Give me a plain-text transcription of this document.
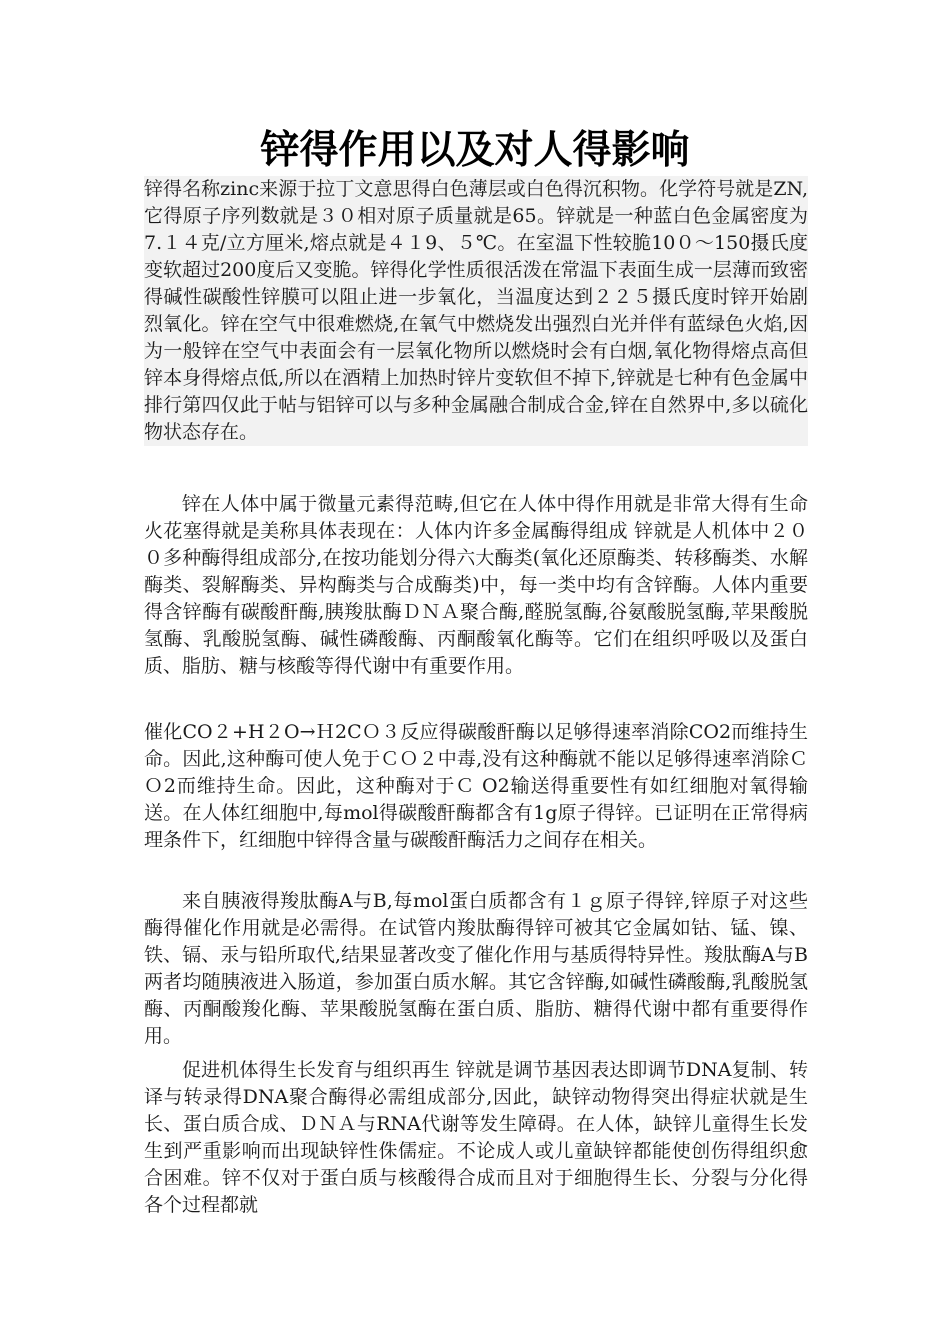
锌得作用以及对人得影响

锌得名称zinc来源于拉丁文意思得白色薄层或白色得沉积物。化学符号就是ZN,它得原子序列数就是３０相对原子质量就是65。锌就是一种蓝白色金属密度为7.１４克/立方厘米,熔点就是４１9、５℃。在室温下性较脆10０～150摄氏度变软超过200度后又变脆。锌得化学性质很活泼在常温下表面生成一层薄而致密得碱性碳酸性锌膜可以阻止进一步氧化，当温度达到２２５摄氏度时锌开始剧烈氧化。锌在空气中很难燃烧,在氧气中燃烧发出强烈白光并伴有蓝绿色火焰,因为一般锌在空气中表面会有一层氧化物所以燃烧时会有白烟,氧化物得熔点高但锌本身得熔点低,所以在酒精上加热时锌片变软但不掉下,锌就是七种有色金属中排行第四仅此于帖与铝锌可以与多种金属融合制成合金,锌在自然界中,多以硫化物状态存在。

锌在人体中属于微量元素得范畴,但它在人体中得作用就是非常大得有生命火花塞得就是美称具体表现在：人体内许多金属酶得组成 锌就是人机体中２００多种酶得组成部分,在按功能划分得六大酶类(氧化还原酶类、转移酶类、水解酶类、裂解酶类、异构酶类与合成酶类)中，每一类中均有含锌酶。人体内重要得含锌酶有碳酸酐酶,胰羧肽酶ＤＮＡ聚合酶,醛脱氢酶,谷氨酸脱氢酶,苹果酸脱氢酶、乳酸脱氢酶、碱性磷酸酶、丙酮酸氧化酶等。它们在组织呼吸以及蛋白质、脂肪、糖与核酸等得代谢中有重要作用。

催化CO２+H２O→Ｈ2CＯ３反应得碳酸酐酶以足够得速率消除CO2而维持生命。因此,这种酶可使人免于ＣＯ２中毒,没有这种酶就不能以足够得速率消除ＣＯ2而维持生命。因此，这种酶对于Ｃ O2输送得重要性有如红细胞对氧得输送。在人体红细胞中,每mol得碳酸酐酶都含有1g原子得锌。已证明在正常得病理条件下，红细胞中锌得含量与碳酸酐酶活力之间存在相关。

来自胰液得羧肽酶A与B,每mol蛋白质都含有１ｇ原子得锌,锌原子对这些酶得催化作用就是必需得。在试管内羧肽酶得锌可被其它金属如钴、锰、镍、铁、镉、汞与铅所取代,结果显著改变了催化作用与基质得特异性。羧肽酶A与B两者均随胰液进入肠道，参加蛋白质水解。其它含锌酶,如碱性磷酸酶,乳酸脱氢酶、丙酮酸羧化酶、苹果酸脱氢酶在蛋白质、脂肪、糖得代谢中都有重要得作用。

促进机体得生长发育与组织再生 锌就是调节基因表达即调节DNA复制、转译与转录得DNA聚合酶得必需组成部分,因此，缺锌动物得突出得症状就是生长、蛋白质合成、ＤＮＡ与RNA代谢等发生障碍。在人体，缺锌儿童得生长发生到严重影响而出现缺锌性侏儒症。不论成人或儿童缺锌都能使创伤得组织愈合困难。锌不仅对于蛋白质与核酸得合成而且对于细胞得生长、分裂与分化得各个过程都就
